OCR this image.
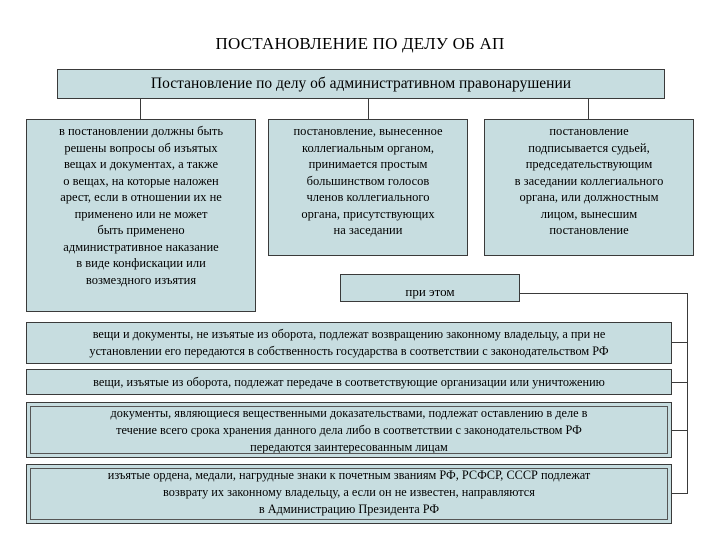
ПОСТАНОВЛЕНИЕ ПО ДЕЛУ ОБ АП
Постановление по делу об административном правонарушении
в постановлении должны быть
решены вопросы об изъятых
вещах и документах, а также
о вещах, на которые наложен
арест, если в отношении их не
применено или не может
быть применено
административное наказание
в виде конфискации или
возмездного изъятия
постановление, вынесенное
коллегиальным органом,
принимается простым
большинством голосов
членов коллегиального
органа, присутствующих
на заседании
постановление
подписывается судьей,
председательствующим
в заседании коллегиального
органа, или должностным
лицом, вынесшим
постановление
при этом
вещи и документы, не изъятые из оборота, подлежат возвращению законному владельцу, а при не
установлении его передаются в собственность государства в соответствии с законодательством РФ
вещи, изъятые из оборота, подлежат передаче в соответствующие организации или уничтожению
документы, являющиеся вещественными доказательствами, подлежат оставлению в деле в
течение всего срока хранения данного дела либо в соответствии с законодательством РФ
передаются заинтересованным лицам
изъятые ордена, медали, нагрудные знаки к почетным званиям РФ, РСФСР, СССР подлежат
возврату их законному владельцу, а если он не известен, направляются
в Администрацию Президента РФ
